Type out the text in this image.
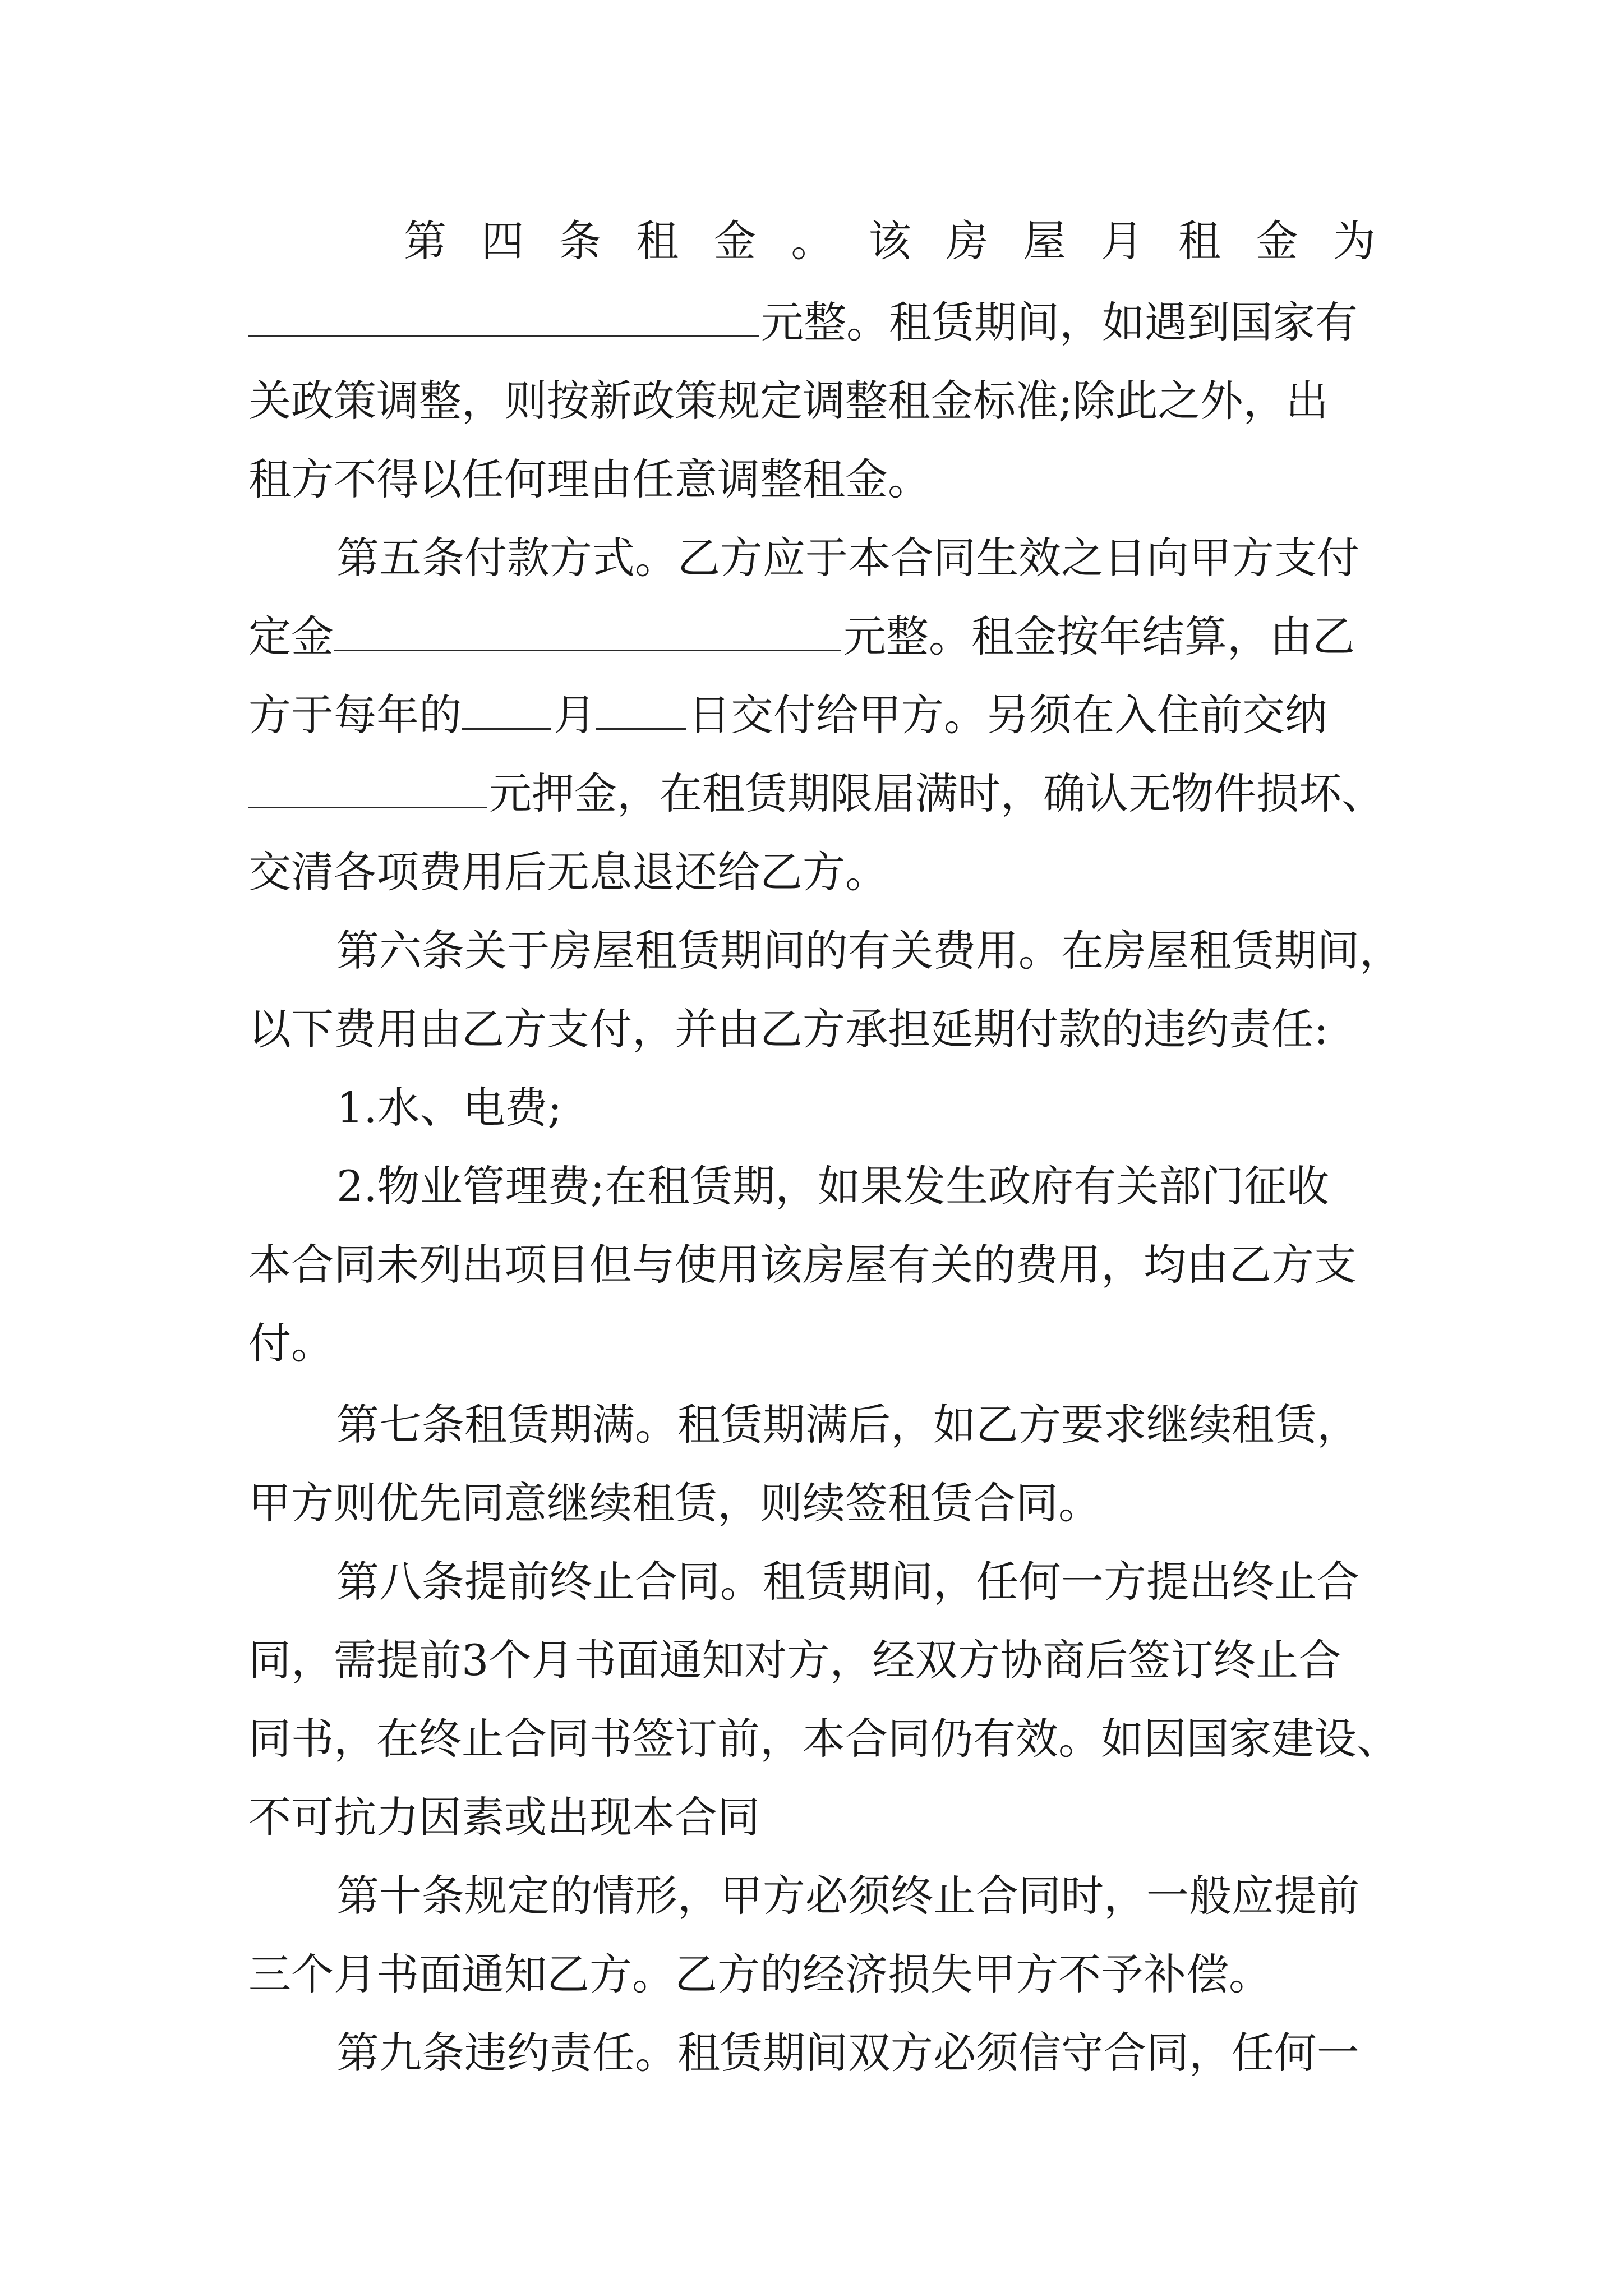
第 四 条 租 金 。 该 房 屋 月 租 金 为
元整。租赁期间，如遇到国家有
关政策调整，则按新政策规定调整租金标准;除此之外，出
租方不得以任何理由任意调整租金。
第五条付款方式。乙方应于本合同生效之日向甲方支付
定金	元整。租金按年结算，由乙
方于每年的 月 日交付给甲方。另须在入住前交纳
元押金，在租赁期限届满时，确认无物件损坏、
交清各项费用后无息退还给乙方。
第六条关于房屋租赁期间的有关费用。在房屋租赁期间，
以下费用由乙方支付，并由乙方承担延期付款的违约责任:
1.水、电费;
2.物业管理费;在租赁期，如果发生政府有关部门征收
本合同未列出项目但与使用该房屋有关的费用，均由乙方支
付。
第七条租赁期满。租赁期满后，如乙方要求继续租赁，
甲方则优先同意继续租赁，则续签租赁合同。
第八条提前终止合同。租赁期间，任何一方提出终止合
同，需提前3个月书面通知对方，经双方协商后签订终止合
同书，在终止合同书签订前，本合同仍有效。如因国家建设、
不可抗力因素或出现本合同
第十条规定的情形，甲方必须终止合同时，一般应提前
三个月书面通知乙方。乙方的经济损失甲方不予补偿。
第九条违约责任。租赁期间双方必须信守合同，任何一
